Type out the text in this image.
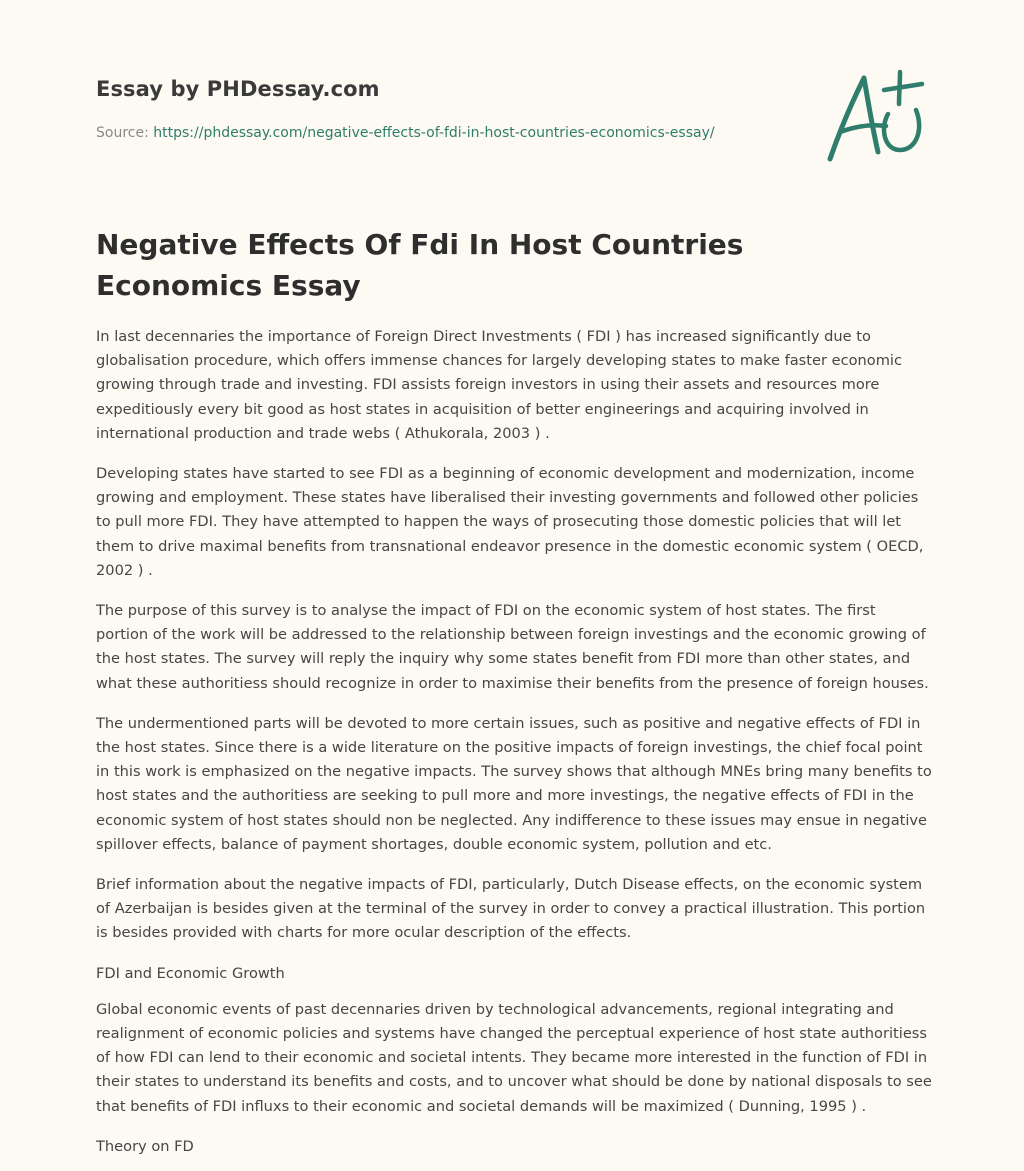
Essay by PHDessay.com
Source: https://phdessay.com/negative-effects-of-fdi-in-host-countries-economics-essay/
Negative Effects Of Fdi In Host Countries Economics Essay

In last decennaries the importance of Foreign Direct Investments ( FDI ) has increased significantly due to globalisation procedure, which offers immense chances for largely developing states to make faster economic growing through trade and investing. FDI assists foreign investors in using their assets and resources more expeditiously every bit good as host states in acquisition of better engineerings and acquiring involved in international production and trade webs ( Athukorala, 2003 ) .

Developing states have started to see FDI as a beginning of economic development and modernization, income growing and employment. These states have liberalised their investing governments and followed other policies to pull more FDI. They have attempted to happen the ways of prosecuting those domestic policies that will let them to drive maximal benefits from transnational endeavor presence in the domestic economic system ( OECD, 2002 ) .

The purpose of this survey is to analyse the impact of FDI on the economic system of host states. The first portion of the work will be addressed to the relationship between foreign investings and the economic growing of the host states. The survey will reply the inquiry why some states benefit from FDI more than other states, and what these authoritiess should recognize in order to maximise their benefits from the presence of foreign houses.

The undermentioned parts will be devoted to more certain issues, such as positive and negative effects of FDI in the host states. Since there is a wide literature on the positive impacts of foreign investings, the chief focal point in this work is emphasized on the negative impacts. The survey shows that although MNEs bring many benefits to host states and the authoritiess are seeking to pull more and more investings, the negative effects of FDI in the economic system of host states should non be neglected. Any indifference to these issues may ensue in negative spillover effects, balance of payment shortages, double economic system, pollution and etc.

Brief information about the negative impacts of FDI, particularly, Dutch Disease effects, on the economic system of Azerbaijan is besides given at the terminal of the survey in order to convey a practical illustration. This portion is besides provided with charts for more ocular description of the effects.

FDI and Economic Growth

Global economic events of past decennaries driven by technological advancements, regional integrating and realignment of economic policies and systems have changed the perceptual experience of host state authoritiess of how FDI can lend to their economic and societal intents. They became more interested in the function of FDI in their states to understand its benefits and costs, and to uncover what should be done by national disposals to see that benefits of FDI influxs to their economic and societal demands will be maximized ( Dunning, 1995 ) .

Theory on FD
